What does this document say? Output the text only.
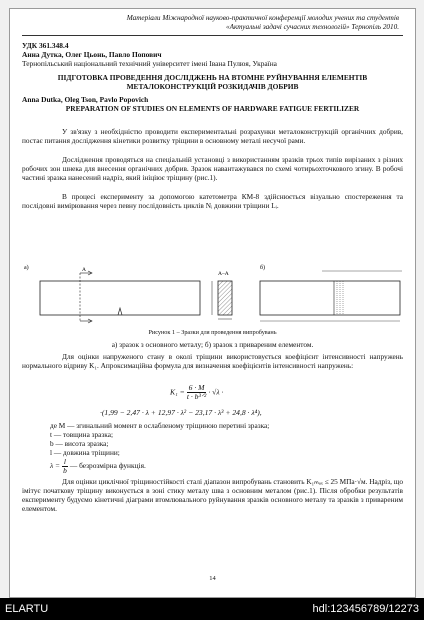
Матеріали Міжнародної науково-практичної конференції молодих учених та студентів
«Актуальні задачі сучасних технологій» Тернопіль 2010.
УДК 361.348.4
Анна Дутка, Олег Цьонь, Павло Попович
Тернопільський національний технічний університет імені Івана Пулюя, Україна
ПІДГОТОВКА ПРОВЕДЕННЯ ДОСЛІДЖЕНЬ НА ВТОМНЕ РУЙНУВАННЯ ЕЛЕМЕНТІВ МЕТАЛОКОНСТРУКЦІЙ РОЗКИДАЧІВ ДОБРИВ
Anna Dutka, Oleg Tson, Pavlo Popovich
PREPARATION OF STUDIES ON ELEMENTS OF HARDWARE FATIGUE FERTILIZER
У зв'язку з необхідністю проводити експериментальні розрахунки металоконструкцій органічних добрив, постає питання дослідження кінетики розвитку тріщини в основному металі несучої рами.
Дослідження проводяться на спеціальній установці з використанням зразків трьох типів вирізаних з різних робочих зон шнека для внесення органічних добрив. Зразок навантажувався по схемі чотирьохточкового згину. В робочі частині зразка нанесений надріз, який ініціює тріщину (рис.1).
В процесі експерименту за допомогою катетометра КМ-8 здійснюється візуально спостереження та послідовні вимірювання через певну послідовність циклів Nᵢ довжини тріщини Lᵢ.
а)	A
A–A
б)
Рисунок 1 – Зразки для проведення випробувань
а) зразок з основного металу; б) зразок з привареним елементом.
Для оцінки напруженого стану в околі тріщини використовується коефіцієнт інтенсивності напружень нормального відриву K₁. Апроксимаційна формула для визначення коефіцієнтів інтенсивності напружень:
$K_1 = \frac{6 \cdot M}{\text{t · b³ᐟ²}} \cdot √\lambda$ ·
·(1,99 − 2,47 · λ + 12,97 · λ² − 23,17 · λ³ + 24,8 · λ⁴),
де M — згинальний момент в ослабленому тріщиною перетині зразка;
t — товщина зразка;
b — висота зразка;
l — довжина тріщини;
$\lambda = \frac{l}{b}$ — безрозмірна функція.
Для оцінки циклічної тріщиностійкості сталі діапазон випробувань становить K₁ₘₐₓ ≤ 25 МПа·√м. Надріз, що імітує початкову тріщину виконується в зоні стику металу шва з основним металом (рис.1). Після обробки результатів експерименту будуємо кінетичні діаграми втомлювального руйнування зразків основного металу та зразків з привареним елементом.
14
ELARTU	hdl:123456789/12273
